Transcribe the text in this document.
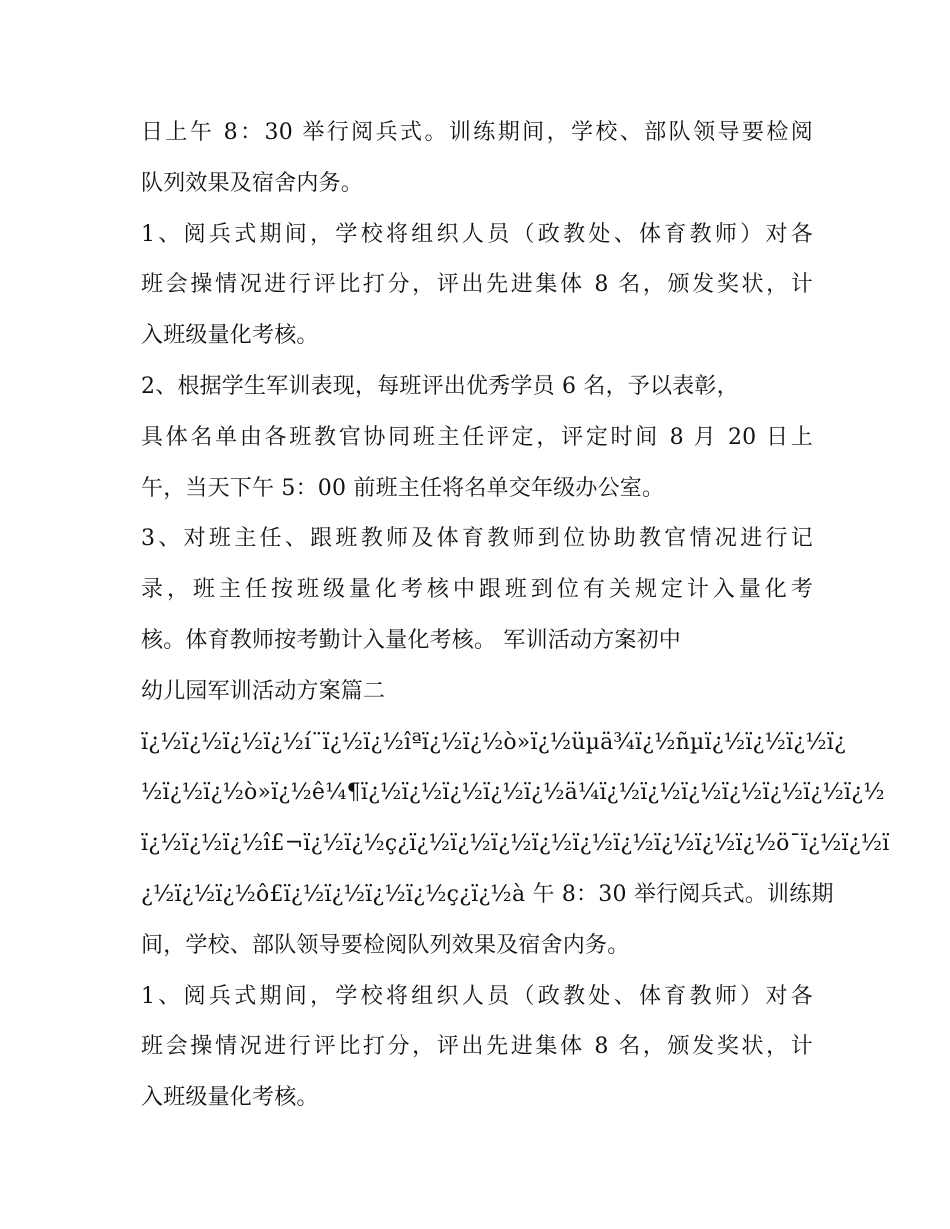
日上午 8：30 举行阅兵式。训练期间，学校、部队领导要检阅
队列效果及宿舍内务。
1、阅兵式期间，学校将组织人员（政教处、体育教师）对各
班会操情况进行评比打分，评出先进集体 8 名，颁发奖状，计
入班级量化考核。
2、根据学生军训表现，每班评出优秀学员 6 名，予以表彰，
具体名单由各班教官协同班主任评定，评定时间 8 月 20 日上
午，当天下午 5：00 前班主任将名单交年级办公室。
3、对班主任、跟班教师及体育教师到位协助教官情况进行记
录，班主任按班级量化考核中跟班到位有关规定计入量化考
核。体育教师按考勤计入量化考核。 军训活动方案初中
幼儿园军训活动方案篇二
ï¿½ï¿½ï¿½ï¿½í¨ï¿½ï¿½îªï¿½ï¿½ò»ï¿½üµä¾ï¿½ñµï¿½ï¿½ï¿½ï¿
½ï¿½ï¿½ò»ï¿½ê¼¶ï¿½ï¿½ï¿½ï¿½ï¿½ä¼ï¿½ï¿½ï¿½ï¿½ï¿½ï¿½ï¿½
ï¿½ï¿½ï¿½î£¬ï¿½ï¿½ç¿ï¿½ï¿½ï¿½ï¿½ï¿½ï¿½ï¿½ï¿½ï¿½ö¯ï¿½ï¿½ï
¿½ï¿½ï¿½ô£ï¿½ï¿½ï¿½ï¿½ç¿ï¿½à 午 8：30 举行阅兵式。训练期
间，学校、部队领导要检阅队列效果及宿舍内务。
1、阅兵式期间，学校将组织人员（政教处、体育教师）对各
班会操情况进行评比打分，评出先进集体 8 名，颁发奖状，计
入班级量化考核。
